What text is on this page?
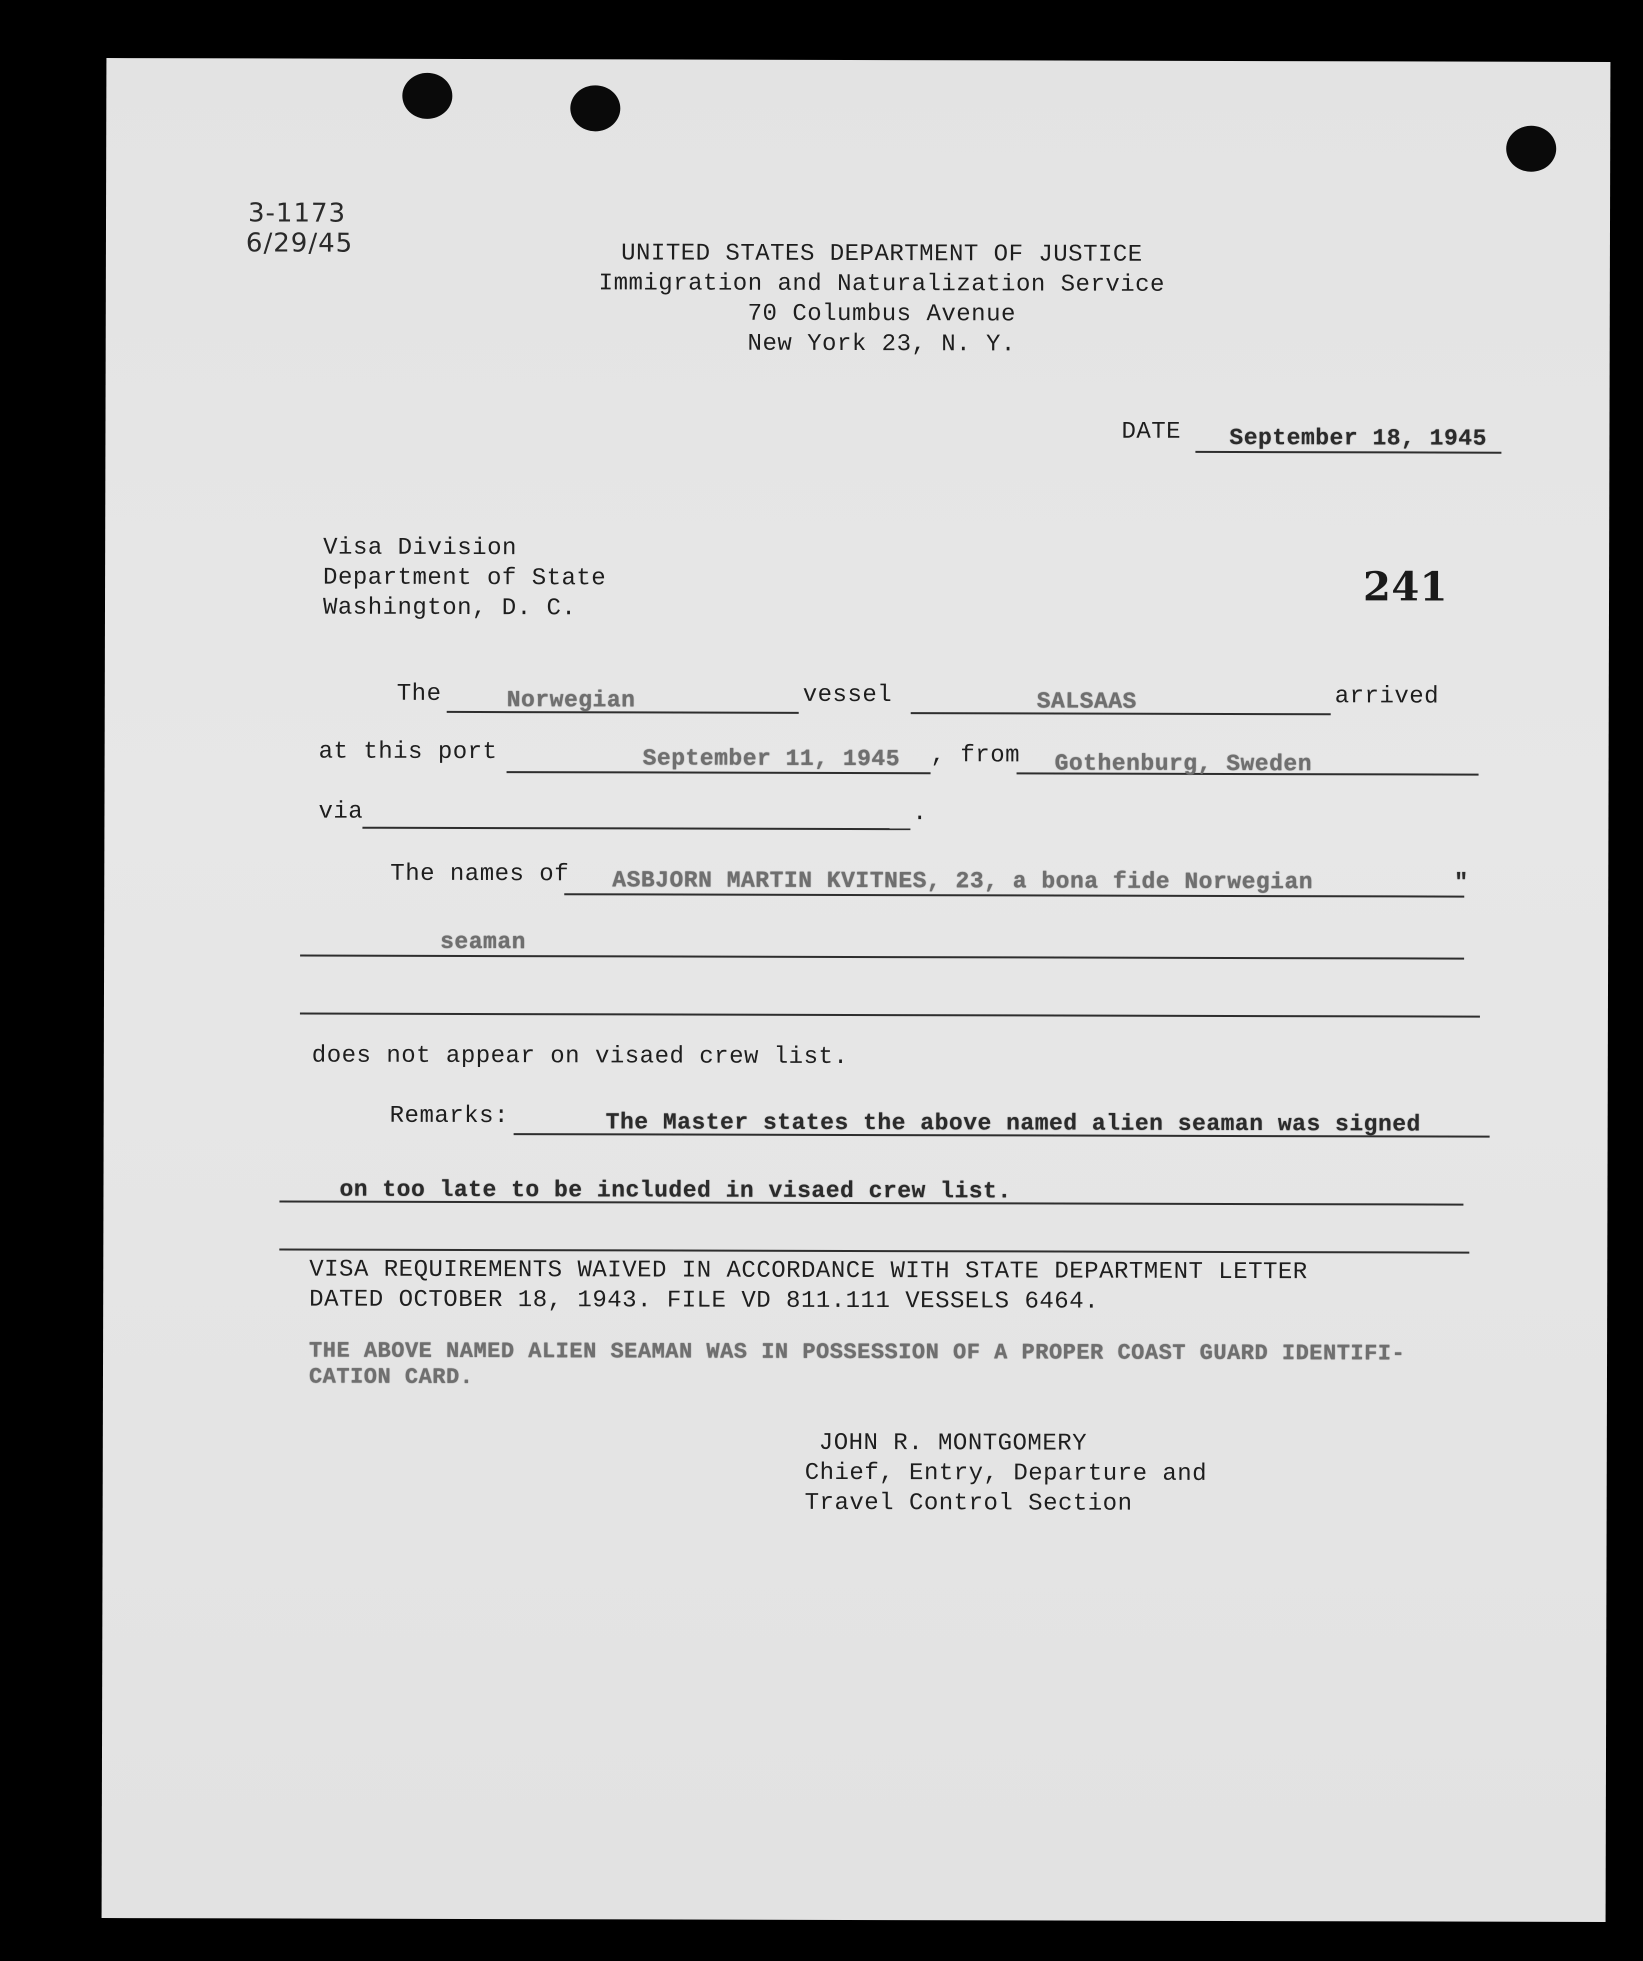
3-1173
6/29/45	UNITED STATES DEPARTMENT OF JUSTICE
Immigration and Naturalization Service
70 Columbus Avenue
New York 23, N. Y.
DATE September 18, 1945
Visa Division
Department of State
Washington, D. C.	241
The	Norwegian	vessel	SALSAAS	arrived
at this port	September 11, 1945 , from Gothenburg, Sweden
via	.
The names of ASBJORN MARTIN KVITNES, 23, a bona fide Norwegian	"
seaman
does not appear on visaed crew list.
Remarks:	The Master states the above named alien seaman was signed
on too late to be included in visaed crew list.
VISA REQUIREMENTS WAIVED IN ACCORDANCE WITH STATE DEPARTMENT LETTER
DATED OCTOBER 18, 1943. FILE VD 811.111 VESSELS 6464.
THE ABOVE NAMED ALIEN SEAMAN WAS IN POSSESSION OF A PROPER COAST GUARD IDENTIFI-
CATION CARD.
JOHN R. MONTGOMERY
Chief, Entry, Departure and
Travel Control Section
